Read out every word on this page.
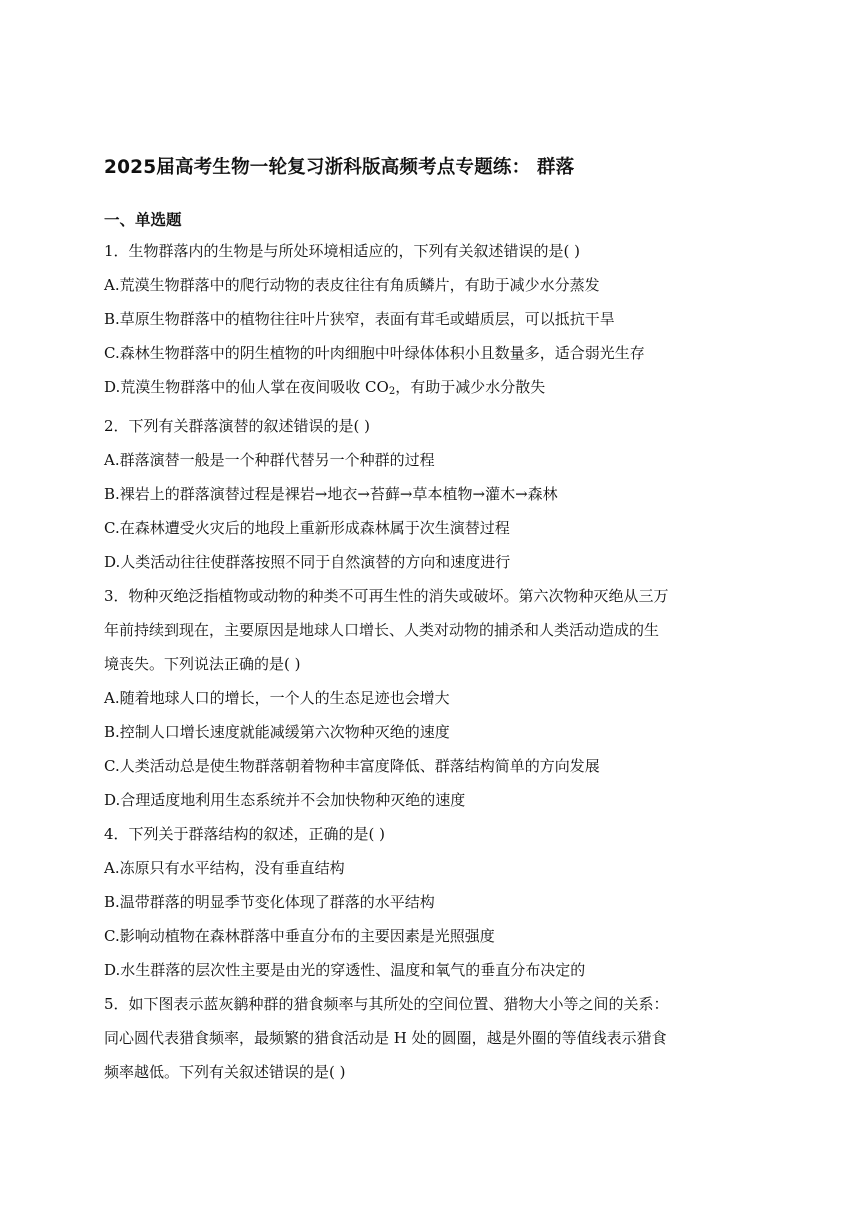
2025届高考生物一轮复习浙科版高频考点专题练： 群落
一、单选题

1．生物群落内的生物是与所处环境相适应的，下列有关叙述错误的是( )

A.荒漠生物群落中的爬行动物的表皮往往有角质鳞片，有助于减少水分蒸发

B.草原生物群落中的植物往往叶片狭窄，表面有茸毛或蜡质层，可以抵抗干旱

C.森林生物群落中的阴生植物的叶肉细胞中叶绿体体积小且数量多，适合弱光生存

D.荒漠生物群落中的仙人掌在夜间吸收 $CO_2$，有助于减少水分散失

2．下列有关群落演替的叙述错误的是( )

A.群落演替一般是一个种群代替另一个种群的过程

B.裸岩上的群落演替过程是裸岩→地衣→苔藓→草本植物→灌木→森林

C.在森林遭受火灾后的地段上重新形成森林属于次生演替过程

D.人类活动往往使群落按照不同于自然演替的方向和速度进行

3．物种灭绝泛指植物或动物的种类不可再生性的消失或破坏。第六次物种灭绝从三万

年前持续到现在，主要原因是地球人口增长、人类对动物的捕杀和人类活动造成的生

境丧失。下列说法正确的是( )

A.随着地球人口的增长，一个人的生态足迹也会增大

B.控制人口增长速度就能减缓第六次物种灭绝的速度

C.人类活动总是使生物群落朝着物种丰富度降低、群落结构简单的方向发展

D.合理适度地利用生态系统并不会加快物种灭绝的速度

4．下列关于群落结构的叙述，正确的是( )

A.冻原只有水平结构，没有垂直结构

B.温带群落的明显季节变化体现了群落的水平结构

C.影响动植物在森林群落中垂直分布的主要因素是光照强度

D.水生群落的层次性主要是由光的穿透性、温度和氧气的垂直分布决定的

5．如下图表示蓝灰鹟种群的猎食频率与其所处的空间位置、猎物大小等之间的关系：

同心圆代表猎食频率，最频繁的猎食活动是 H 处的圆圈，越是外圈的等值线表示猎食

频率越低。下列有关叙述错误的是( )
